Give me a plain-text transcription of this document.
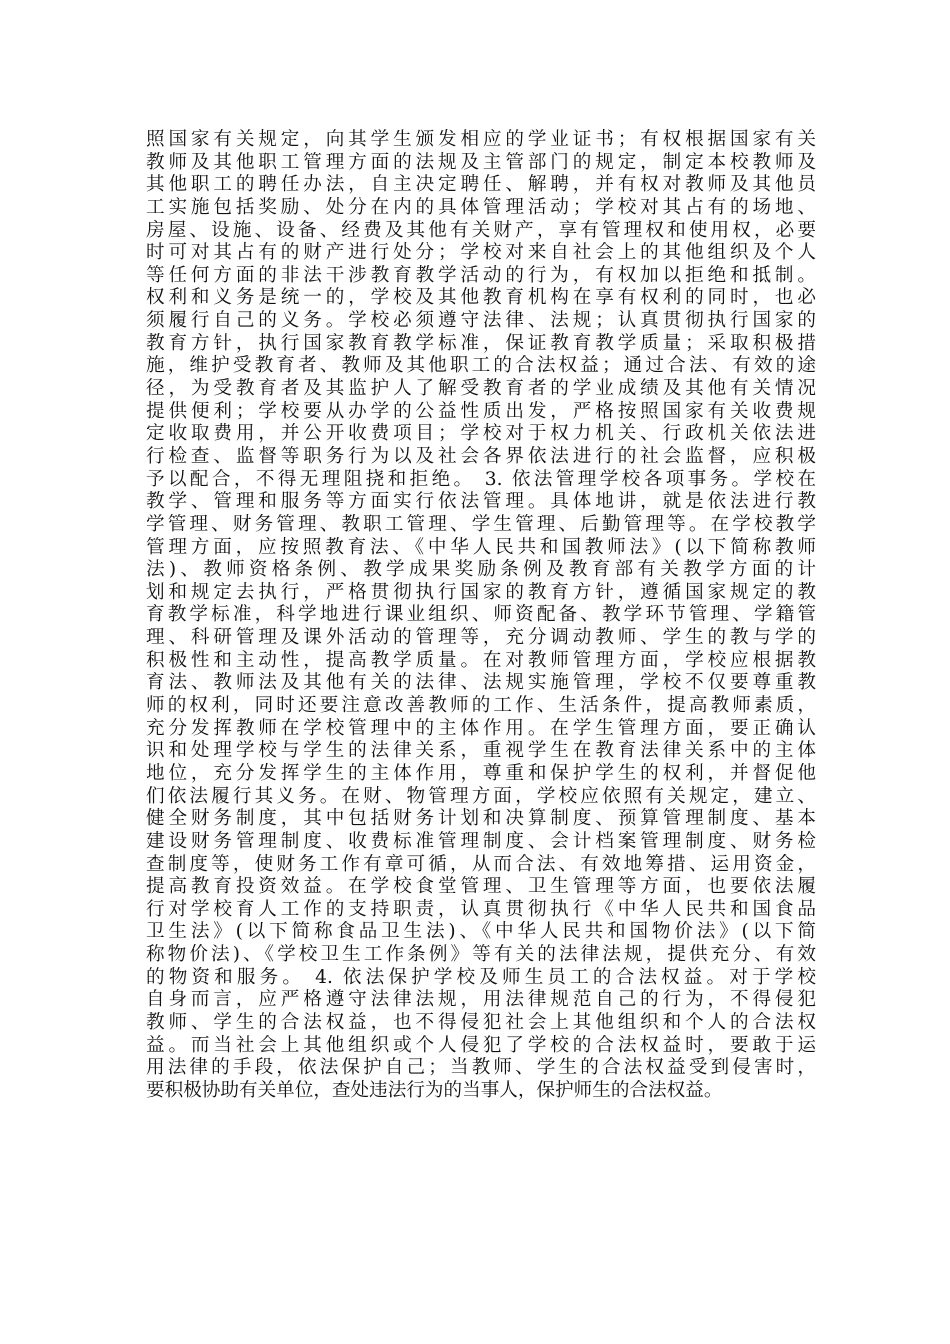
照国家有关规定，向其学生颁发相应的学业证书；有权根据国家有关
教师及其他职工管理方面的法规及主管部门的规定，制定本校教师及
其他职工的聘任办法，自主决定聘任、解聘，并有权对教师及其他员
工实施包括奖励、处分在内的具体管理活动；学校对其占有的场地、
房屋、设施、设备、经费及其他有关财产，享有管理权和使用权，必要
时可对其占有的财产进行处分；学校对来自社会上的其他组织及个人
等任何方面的非法干涉教育教学活动的行为，有权加以拒绝和抵制。
权利和义务是统一的，学校及其他教育机构在享有权利的同时，也必
须履行自己的义务。学校必须遵守法律、法规；认真贯彻执行国家的
教育方针，执行国家教育教学标准，保证教育教学质量；采取积极措
施，维护受教育者、教师及其他职工的合法权益；通过合法、有效的途
径，为受教育者及其监护人了解受教育者的学业成绩及其他有关情况
提供便利；学校要从办学的公益性质出发，严格按照国家有关收费规
定收取费用，并公开收费项目；学校对于权力机关、行政机关依法进
行检查、监督等职务行为以及社会各界依法进行的社会监督，应积极
予以配合，不得无理阻挠和拒绝。 3. 依法管理学校各项事务。学校在
教学、管理和服务等方面实行依法管理。具体地讲，就是依法进行教
学管理、财务管理、教职工管理、学生管理、后勤管理等。在学校教学
管理方面，应按照教育法、《中华人民共和国教师法》(以下简称教师
法)、教师资格条例、教学成果奖励条例及教育部有关教学方面的计
划和规定去执行，严格贯彻执行国家的教育方针，遵循国家规定的教
育教学标准，科学地进行课业组织、师资配备、教学环节管理、学籍管
理、科研管理及课外活动的管理等，充分调动教师、学生的教与学的
积极性和主动性，提高教学质量。在对教师管理方面，学校应根据教
育法、教师法及其他有关的法律、法规实施管理，学校不仅要尊重教
师的权利，同时还要注意改善教师的工作、生活条件，提高教师素质，
充分发挥教师在学校管理中的主体作用。在学生管理方面，要正确认
识和处理学校与学生的法律关系，重视学生在教育法律关系中的主体
地位，充分发挥学生的主体作用，尊重和保护学生的权利，并督促他
们依法履行其义务。在财、物管理方面，学校应依照有关规定，建立、
健全财务制度，其中包括财务计划和决算制度、预算管理制度、基本
建设财务管理制度、收费标准管理制度、会计档案管理制度、财务检
查制度等，使财务工作有章可循，从而合法、有效地筹措、运用资金，
提高教育投资效益。在学校食堂管理、卫生管理等方面，也要依法履
行对学校育人工作的支持职责，认真贯彻执行《中华人民共和国食品
卫生法》(以下简称食品卫生法)、《中华人民共和国物价法》(以下简
称物价法)、《学校卫生工作条例》等有关的法律法规，提供充分、有效
的物资和服务。 4. 依法保护学校及师生员工的合法权益。对于学校
自身而言，应严格遵守法律法规，用法律规范自己的行为，不得侵犯
教师、学生的合法权益，也不得侵犯社会上其他组织和个人的合法权
益。而当社会上其他组织或个人侵犯了学校的合法权益时，要敢于运
用法律的手段，依法保护自己；当教师、学生的合法权益受到侵害时，
要积极协助有关单位，查处违法行为的当事人，保护师生的合法权益。
